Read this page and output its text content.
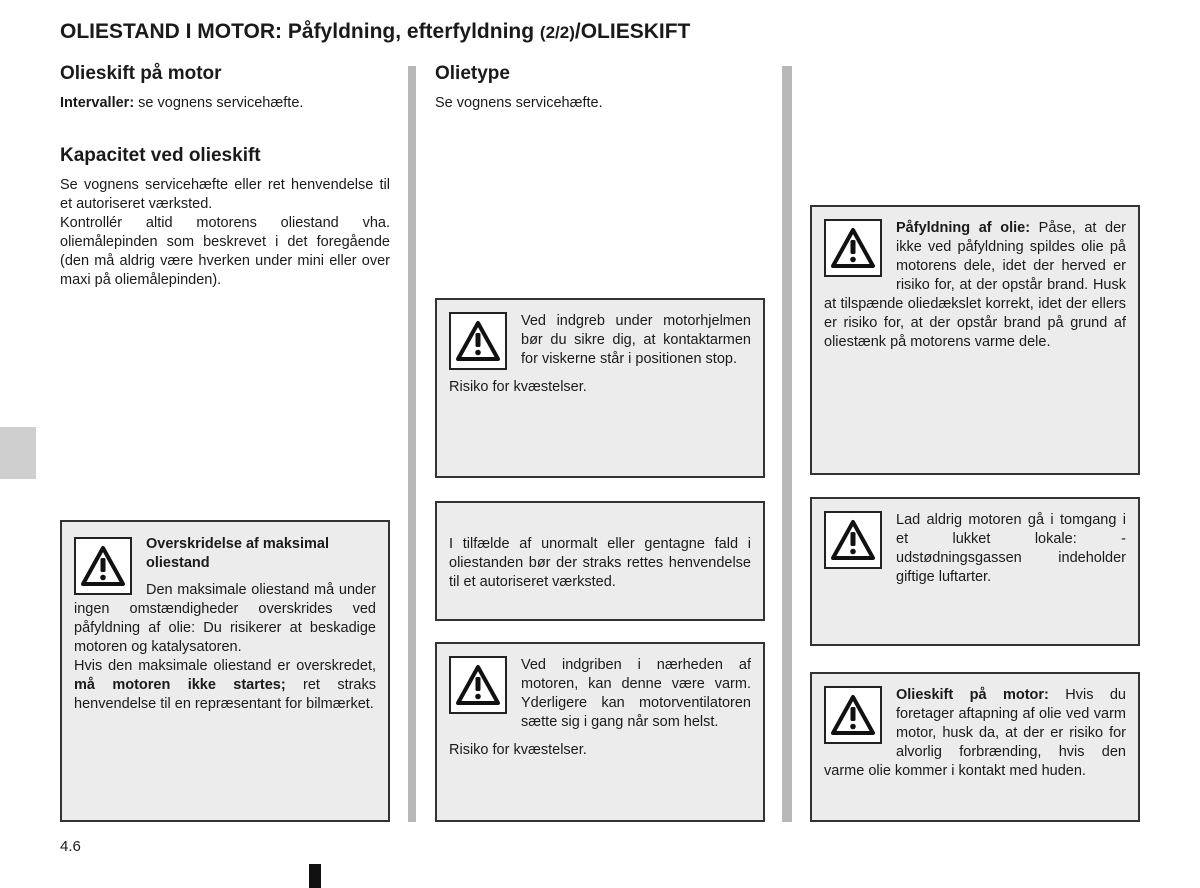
OLIESTAND I MOTOR: Påfyldning, efterfyldning (2/2)/OLIESKIFT
Olieskift på motor
Intervaller: se vognens servicehæfte.
Kapacitet ved olieskift
Se vognens servicehæfte eller ret henvendelse til et autoriseret værksted.
Kontrollér altid motorens oliestand vha. oliemålepinden som beskrevet i det foregående (den må aldrig være hverken under mini eller over maxi på oliemålepinden).

Overskridelse af maksimal oliestand

Den maksimale oliestand må under ingen omstændigheder overskrides ved påfyldning af olie: Du risikerer at beskadige motoren og katalysatoren.

Hvis den maksimale oliestand er overskredet, må motoren ikke startes; ret straks henvendelse til en repræsentant for bilmærket.

Olietype
Se vognens servicehæfte.

Ved indgreb under motorhjelmen bør du sikre dig, at kontaktarmen for viskerne står i positionen stop.

Risiko for kvæstelser.

I tilfælde af unormalt eller gentagne fald i oliestanden bør der straks rettes henvendelse til et autoriseret værksted.

Ved indgriben i nærheden af motoren, kan denne være varm. Yderligere kan motorventilatoren sætte sig i gang når som helst.

Risiko for kvæstelser.

Påfyldning af olie: Påse, at der ikke ved påfyldning spildes olie på motorens dele, idet der herved er risiko for, at der opstår brand. Husk at tilspænde oliedækslet korrekt, idet der ellers er risiko for, at der opstår brand på grund af oliestænk på motorens varme dele.

Lad aldrig motoren gå i tomgang i et lukket lokale: - udstødningsgassen indeholder giftige luftarter.

Olieskift på motor: Hvis du foretager aftapning af olie ved varm motor, husk da, at der er risiko for alvorlig forbrænding, hvis den varme olie kommer i kontakt med huden.

4.6
